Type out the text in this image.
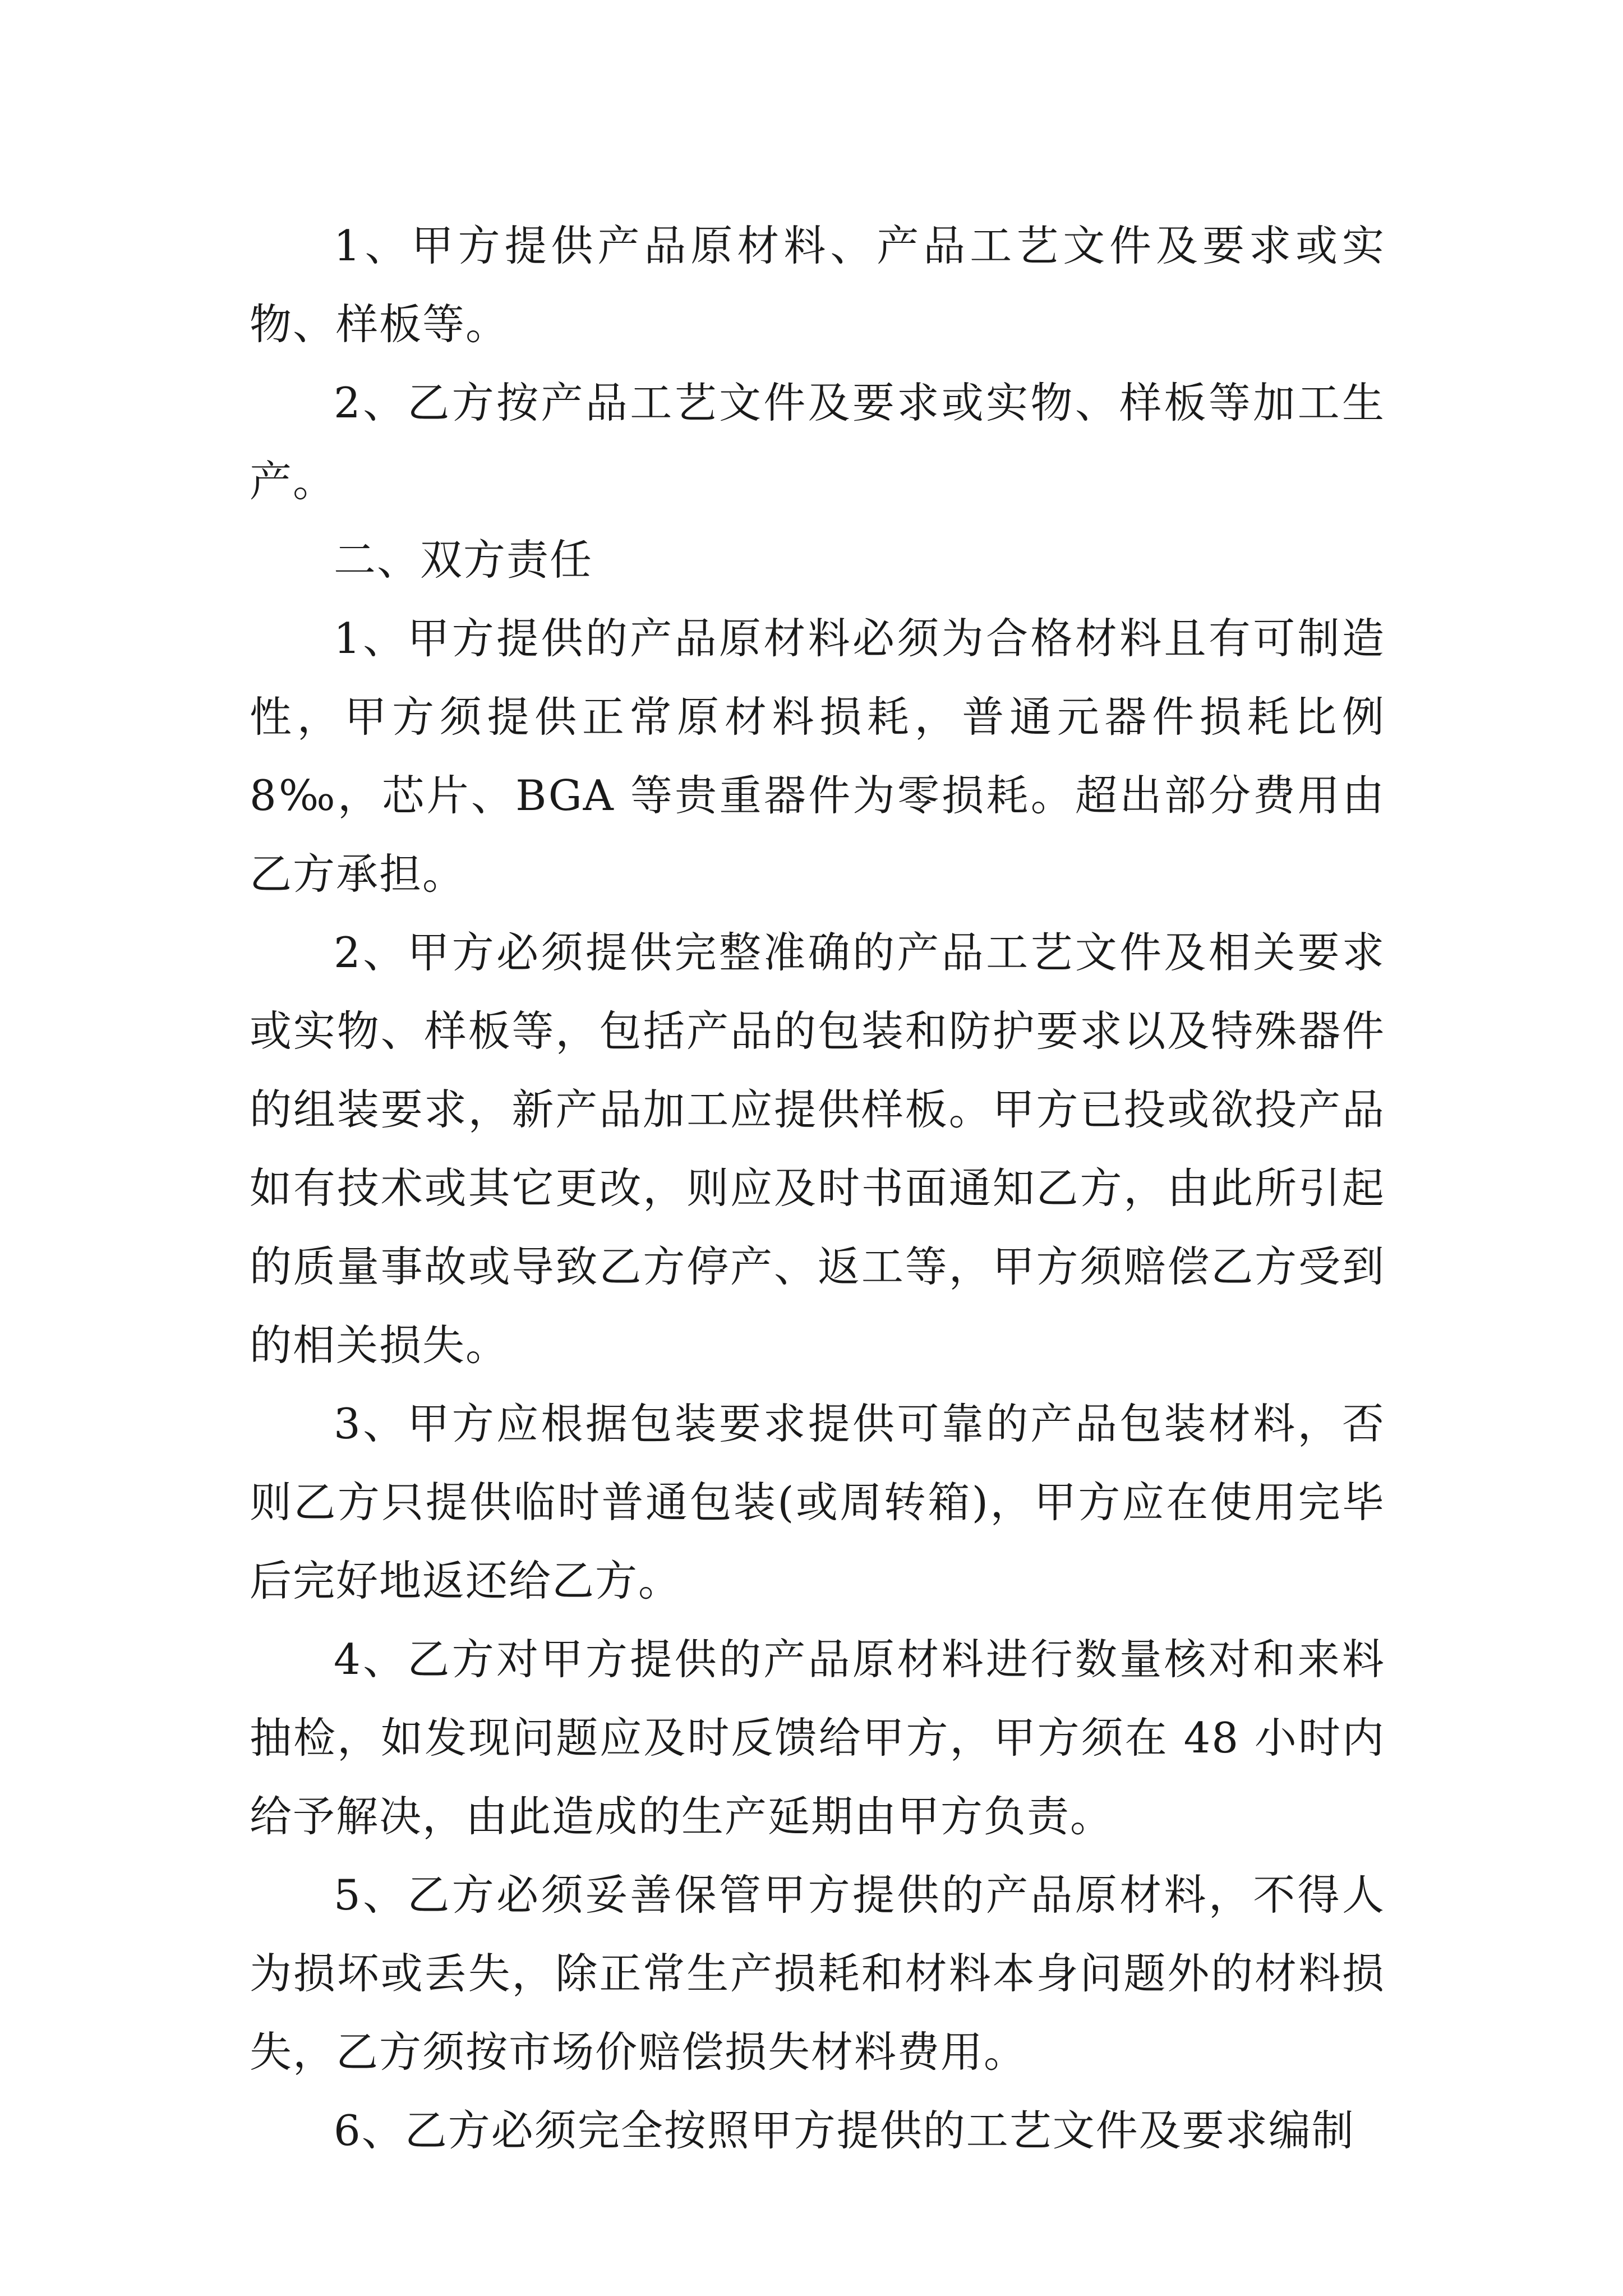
1、甲方提供产品原材料、产品工艺文件及要求或实物、样板等。

2、乙方按产品工艺文件及要求或实物、样板等加工生产。

二、双方责任

1、甲方提供的产品原材料必须为合格材料且有可制造性，甲方须提供正常原材料损耗，普通元器件损耗比例8‰，芯片、BGA 等贵重器件为零损耗。超出部分费用由乙方承担。

2、甲方必须提供完整准确的产品工艺文件及相关要求或实物、样板等，包括产品的包装和防护要求以及特殊器件的组装要求，新产品加工应提供样板。甲方已投或欲投产品如有技术或其它更改，则应及时书面通知乙方，由此所引起的质量事故或导致乙方停产、返工等，甲方须赔偿乙方受到的相关损失。

3、甲方应根据包装要求提供可靠的产品包装材料，否则乙方只提供临时普通包装(或周转箱)，甲方应在使用完毕后完好地返还给乙方。

4、乙方对甲方提供的产品原材料进行数量核对和来料抽检，如发现问题应及时反馈给甲方，甲方须在 48 小时内给予解决，由此造成的生产延期由甲方负责。

5、乙方必须妥善保管甲方提供的产品原材料，不得人为损坏或丢失，除正常生产损耗和材料本身问题外的材料损失，乙方须按市场价赔偿损失材料费用。

6、乙方必须完全按照甲方提供的工艺文件及要求编制
